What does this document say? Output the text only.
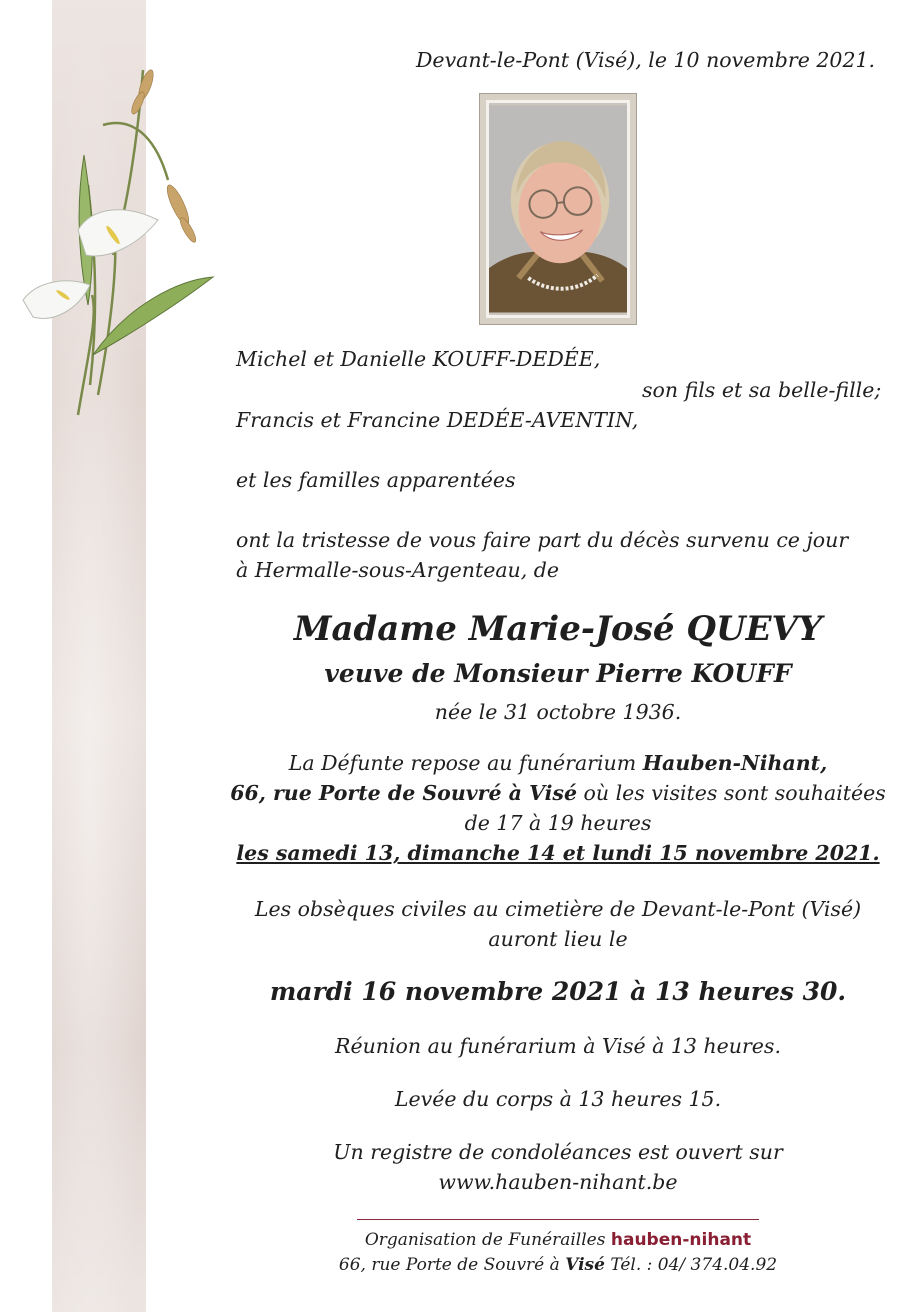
Devant-le-Pont (Visé), le 10 novembre 2021.
Michel et Danielle KOUFF-DEDÉE,
son fils et sa belle-fille;
Francis et Francine DEDÉE-AVENTIN,
et les familles apparentées
ont la tristesse de vous faire part du décès survenu ce jour
à Hermalle-sous-Argenteau, de
Madame Marie-José QUEVY
veuve de Monsieur Pierre KOUFF
née le 31 octobre 1936.
La Défunte repose au funérarium Hauben-Nihant,
66, rue Porte de Souvré à Visé où les visites sont souhaitées
de 17 à 19 heures
les samedi 13, dimanche 14 et lundi 15 novembre 2021.
Les obsèques civiles au cimetière de Devant-le-Pont (Visé)
auront lieu le
mardi 16 novembre 2021 à 13 heures 30.
Réunion au funérarium à Visé à 13 heures.
Levée du corps à 13 heures 15.
Un registre de condoléances est ouvert sur
www.hauben-nihant.be
Organisation de Funérailles hauben-nihant
66, rue Porte de Souvré à Visé Tél. : 04/ 374.04.92
